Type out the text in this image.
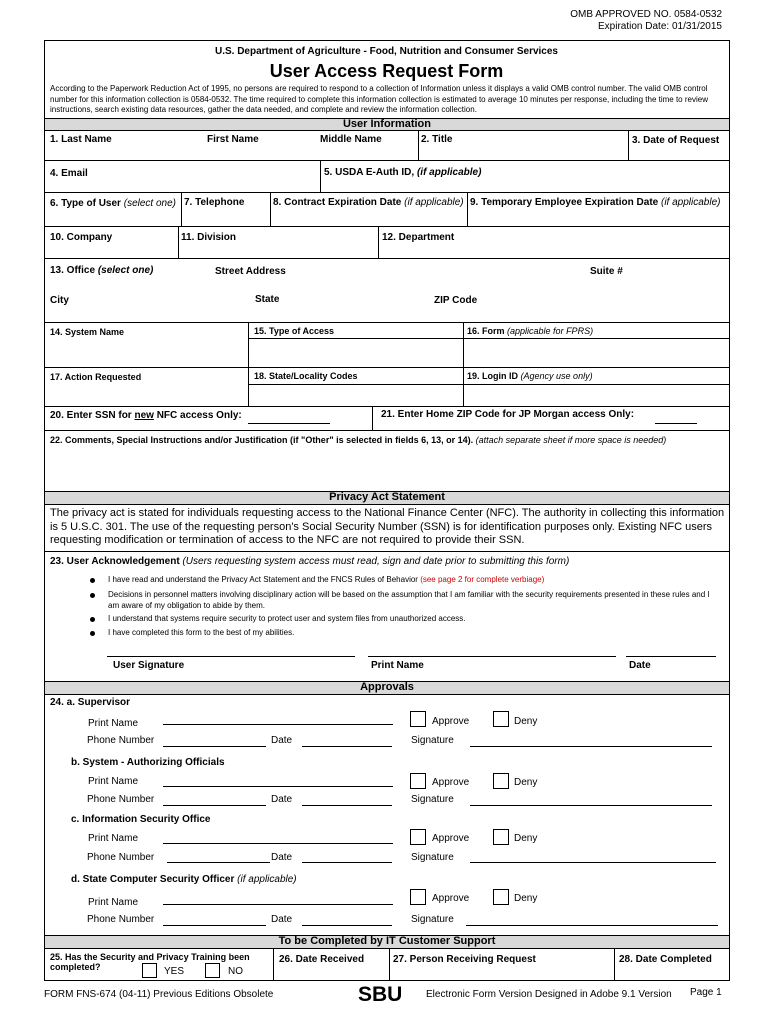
OMB APPROVED NO. 0584-0532
Expiration Date: 01/31/2015
U.S. Department of Agriculture - Food, Nutrition and Consumer Services
User Access Request Form
According to the Paperwork Reduction Act of 1995, no persons are required to respond to a collection of Information unless it displays a valid OMB control number. The valid OMB control number for this information collection is 0584-0532. The time required to complete this information collection is estimated to average 10 minutes per response, including the time to review instructions, search existing data resources, gather the data needed, and complete and review the information collection.
User Information
1. Last Name	First Name	Middle Name	2. Title	3. Date of Request
4. Email	5. USDA E-Auth ID, (if applicable)
6. Type of User (select one) 7. Telephone	8. Contract Expiration Date (if applicable) 9. Temporary Employee Expiration Date (if applicable)
10. Company	11. Division	12. Department
13. Office (select one)	Street Address	Suite #
City	State	ZIP Code
14. System Name	15. Type of Access	16. Form (applicable for FPRS)
17. Action Requested	18. State/Locality Codes	19. Login ID (Agency use only)
20. Enter SSN for new NFC access Only:	21. Enter Home ZIP Code for JP Morgan access Only:
22. Comments, Special Instructions and/or Justification (if "Other" is selected in fields 6, 13, or 14). (attach separate sheet if more space is needed)
Privacy Act Statement
The privacy act is stated for individuals requesting access to the National Finance Center (NFC). The authority in collecting this information is 5 U.S.C. 301. The use of the requesting person's Social Security Number (SSN) is for identification purposes only. Existing NFC users requesting modification or termination of access to the NFC are not required to provide their SSN.
23. User Acknowledgement (Users requesting system access must read, sign and date prior to submitting this form)
I have read and understand the Privacy Act Statement and the FNCS Rules of Behavior (see page 2 for complete verbiage)
Decisions in personnel matters involving disciplinary action will be based on the assumption that I am familiar with the security requirements presented in these rules and I am aware of my obligation to abide by them.
I understand that systems require security to protect user and system files from unauthorized access.
I have completed this form to the best of my abilities.
User Signature	Print Name	Date
Approvals
24. a. Supervisor
Print Name	Approve	Deny
Phone Number	Date	Signature
b. System - Authorizing Officials
Print Name	Approve	Deny
Phone Number	Date	Signature
c. Information Security Office
Print Name	Approve	Deny
Phone Number	Date	Signature
d. State Computer Security Officer (if applicable)
Print Name	Approve	Deny
Phone Number	Date	Signature
To be Completed by IT Customer Support
25. Has the Security and Privacy Training been completed?	YES	NO
26. Date Received	27. Person Receiving Request	28. Date Completed
FORM FNS-674 (04-11) Previous Editions Obsolete	SBU Electronic Form Version Designed in Adobe 9.1 Version Page 1
